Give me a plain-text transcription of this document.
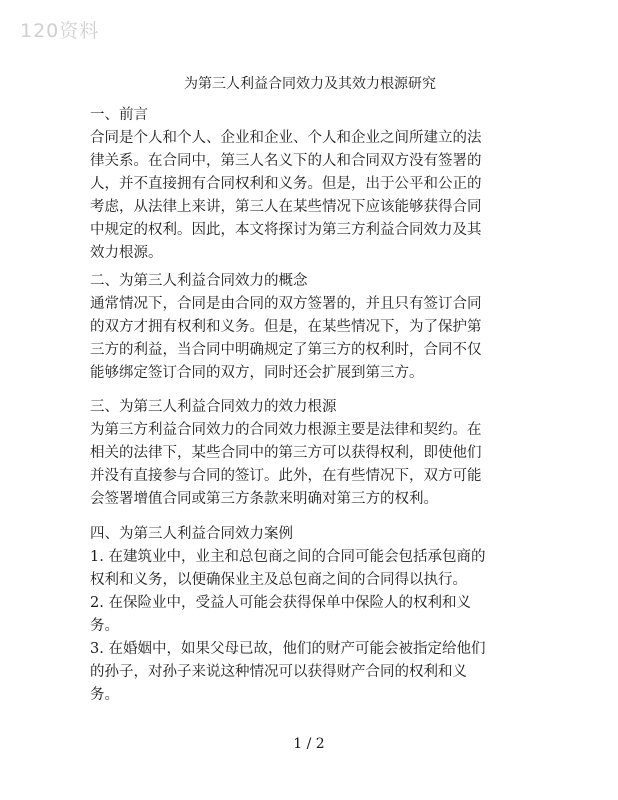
120资料
为第三人利益合同效力及其效力根源研究
一、前言
合同是个人和个人、企业和企业、个人和企业之间所建立的法
律关系。在合同中，第三人名义下的人和合同双方没有签署的
人，并不直接拥有合同权利和义务。但是，出于公平和公正的
考虑，从法律上来讲，第三人在某些情况下应该能够获得合同
中规定的权利。因此，本文将探讨为第三方利益合同效力及其
效力根源。
二、为第三人利益合同效力的概念
通常情况下，合同是由合同的双方签署的，并且只有签订合同
的双方才拥有权利和义务。但是，在某些情况下，为了保护第
三方的利益，当合同中明确规定了第三方的权利时，合同不仅
能够绑定签订合同的双方，同时还会扩展到第三方。
三、为第三人利益合同效力的效力根源
为第三方利益合同效力的合同效力根源主要是法律和契约。在
相关的法律下，某些合同中的第三方可以获得权利，即使他们
并没有直接参与合同的签订。此外，在有些情况下，双方可能
会签署增值合同或第三方条款来明确对第三方的权利。
四、为第三人利益合同效力案例
1. 在建筑业中，业主和总包商之间的合同可能会包括承包商的
权利和义务，以便确保业主及总包商之间的合同得以执行。
2. 在保险业中，受益人可能会获得保单中保险人的权利和义
务。
3. 在婚姻中，如果父母已故，他们的财产可能会被指定给他们
的孙子，对孙子来说这种情况可以获得财产合同的权利和义
务。
1 / 2
